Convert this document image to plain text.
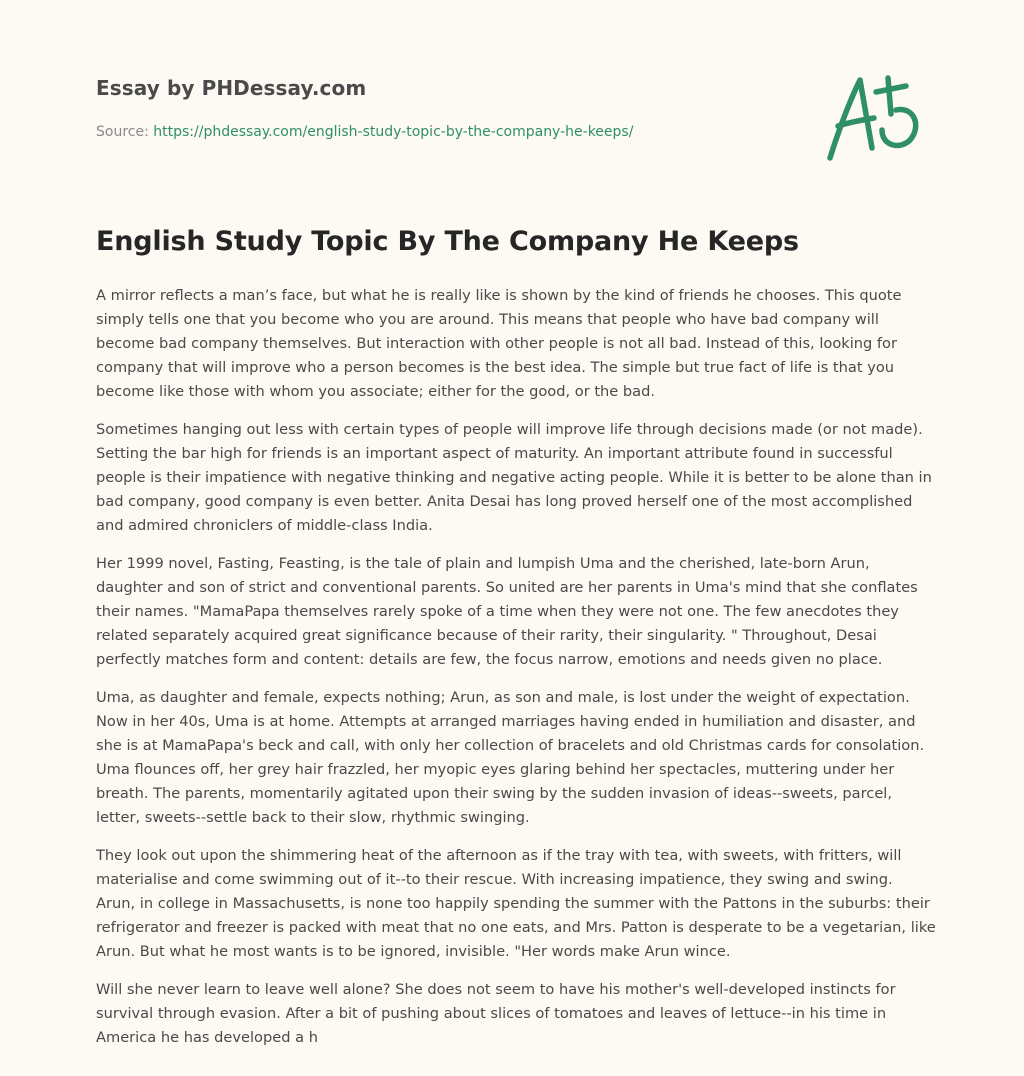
Essay by PHDessay.com
Source: https://phdessay.com/english-study-topic-by-the-company-he-keeps/
English Study Topic By The Company He Keeps

A mirror reflects a man’s face, but what he is really like is shown by the kind of friends he chooses. This quote simply tells one that you become who you are around. This means that people who have bad company will become bad company themselves. But interaction with other people is not all bad. Instead of this, looking for company that will improve who a person becomes is the best idea. The simple but true fact of life is that you become like those with whom you associate; either for the good, or the bad.

Sometimes hanging out less with certain types of people will improve life through decisions made (or not made). Setting the bar high for friends is an important aspect of maturity. An important attribute found in successful people is their impatience with negative thinking and negative acting people. While it is better to be alone than in bad company, good company is even better. Anita Desai has long proved herself one of the most accomplished and admired chroniclers of middle-class India.

Her 1999 novel, Fasting, Feasting, is the tale of plain and lumpish Uma and the cherished, late-born Arun, daughter and son of strict and conventional parents. So united are her parents in Uma's mind that she conflates their names. "MamaPapa themselves rarely spoke of a time when they were not one. The few anecdotes they related separately acquired great significance because of their rarity, their singularity. " Throughout, Desai perfectly matches form and content: details are few, the focus narrow, emotions and needs given no place.

Uma, as daughter and female, expects nothing; Arun, as son and male, is lost under the weight of expectation. Now in her 40s, Uma is at home. Attempts at arranged marriages having ended in humiliation and disaster, and she is at MamaPapa's beck and call, with only her collection of bracelets and old Christmas cards for consolation. Uma flounces off, her grey hair frazzled, her myopic eyes glaring behind her spectacles, muttering under her breath. The parents, momentarily agitated upon their swing by the sudden invasion of ideas--sweets, parcel, letter, sweets--settle back to their slow, rhythmic swinging.

They look out upon the shimmering heat of the afternoon as if the tray with tea, with sweets, with fritters, will materialise and come swimming out of it--to their rescue. With increasing impatience, they swing and swing. Arun, in college in Massachusetts, is none too happily spending the summer with the Pattons in the suburbs: their refrigerator and freezer is packed with meat that no one eats, and Mrs. Patton is desperate to be a vegetarian, like Arun. But what he most wants is to be ignored, invisible. "Her words make Arun wince.

Will she never learn to leave well alone? She does not seem to have his mother's well-developed instincts for survival through evasion. After a bit of pushing about slices of tomatoes and leaves of lettuce--in his time in America he has developed a h
